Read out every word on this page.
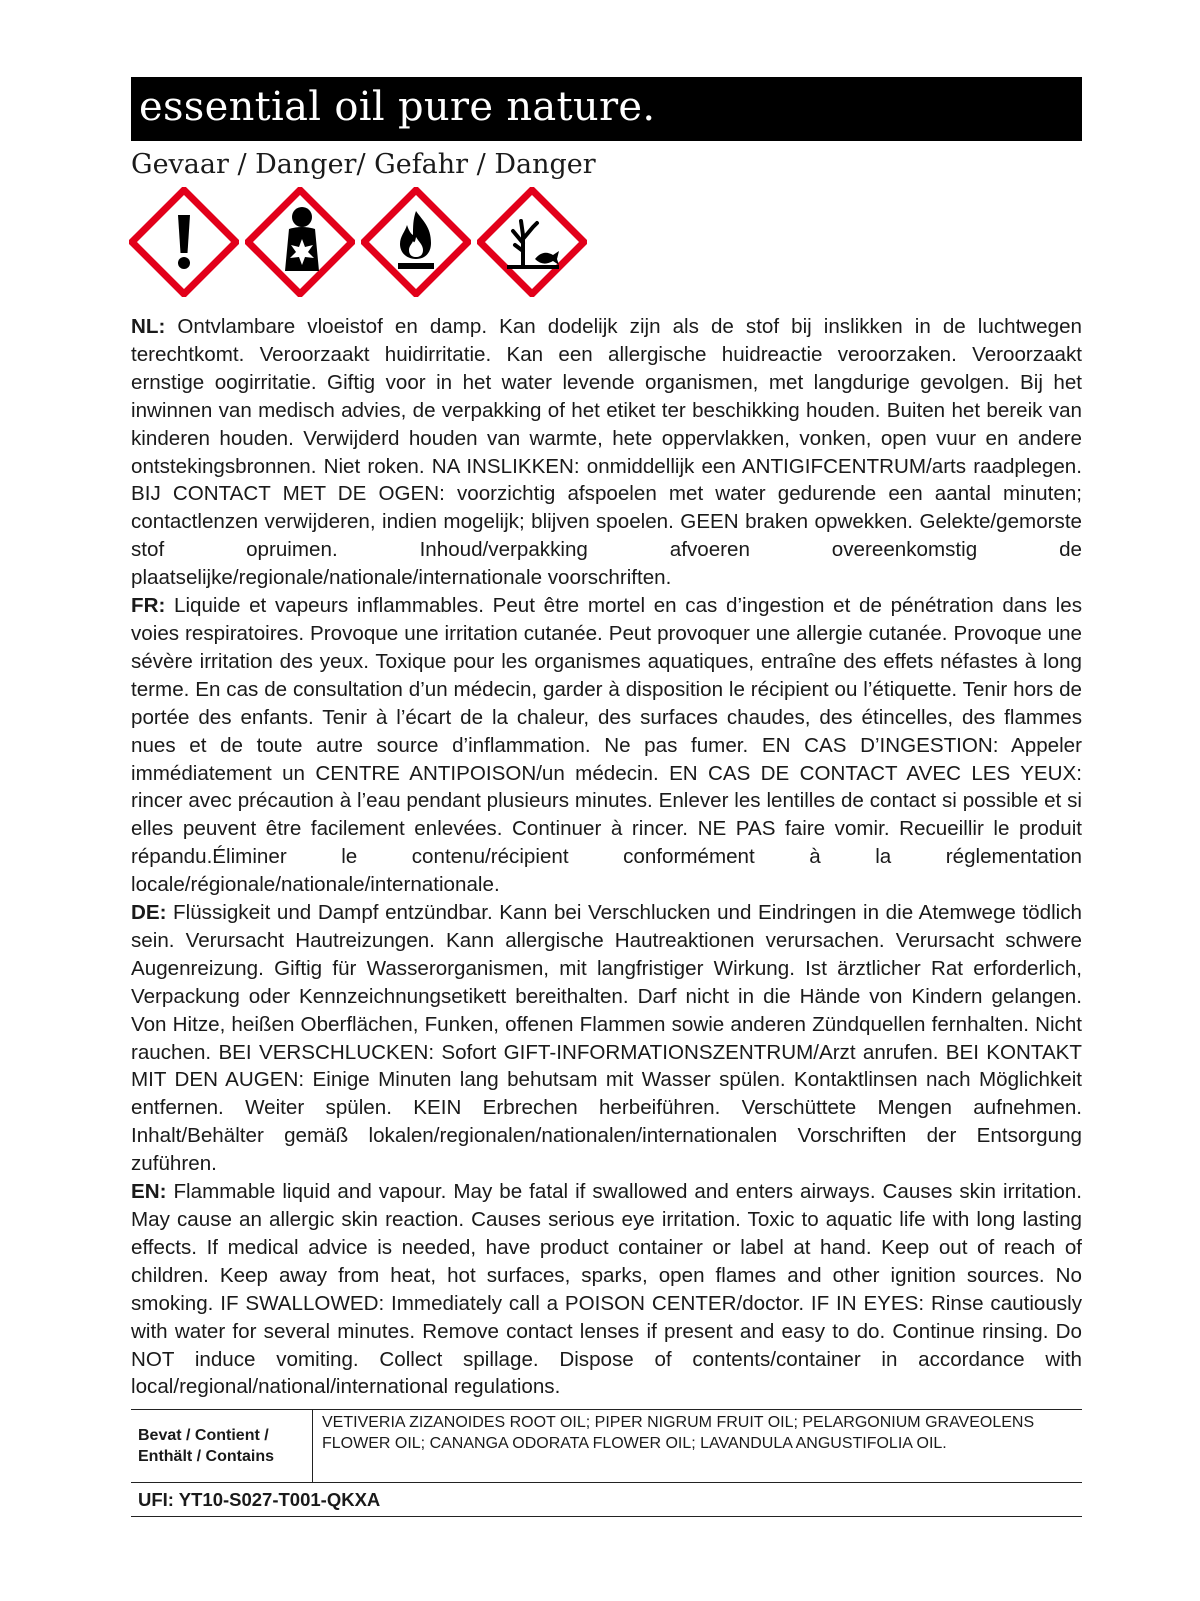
essential oil pure nature.
Gevaar / Danger/ Gefahr / Danger

NL: Ontvlambare vloeistof en damp. Kan dodelijk zijn als de stof bij inslikken in de luchtwegen terechtkomt. Veroorzaakt huidirritatie. Kan een allergische huidreactie veroorzaken. Veroorzaakt ernstige oogirritatie. Giftig voor in het water levende organismen, met langdurige gevolgen. Bij het inwinnen van medisch advies, de verpakking of het etiket ter beschikking houden. Buiten het bereik van kinderen houden. Verwijderd houden van warmte, hete oppervlakken, vonken, open vuur en andere ontstekingsbronnen. Niet roken. NA INSLIKKEN: onmiddellijk een ANTIGIFCENTRUM/arts raadplegen. BIJ CONTACT MET DE OGEN: voorzichtig afspoelen met water gedurende een aantal minuten; contactlenzen verwijderen, indien mogelijk; blijven spoelen. GEEN braken opwekken. Gelekte/gemorste stof opruimen. Inhoud/verpakking afvoeren overeenkomstig de plaatselijke/regionale/nationale/internationale voorschriften.

FR: Liquide et vapeurs inflammables. Peut être mortel en cas d’ingestion et de pénétration dans les voies respiratoires. Provoque une irritation cutanée. Peut provoquer une allergie cutanée. Provoque une sévère irritation des yeux. Toxique pour les organismes aquatiques, entraîne des effets néfastes à long terme. En cas de consultation d’un médecin, garder à disposition le récipient ou l’étiquette. Tenir hors de portée des enfants. Tenir à l’écart de la chaleur, des surfaces chaudes, des étincelles, des flammes nues et de toute autre source d’inflammation. Ne pas fumer. EN CAS D’INGESTION: Appeler immédiatement un CENTRE ANTIPOISON/un médecin. EN CAS DE CONTACT AVEC LES YEUX: rincer avec précaution à l’eau pendant plusieurs minutes. Enlever les lentilles de contact si possible et si elles peuvent être facilement enlevées. Continuer à rincer. NE PAS faire vomir. Recueillir le produit répandu.Éliminer le contenu/récipient conformément à la réglementation locale/régionale/nationale/internationale.

DE: Flüssigkeit und Dampf entzündbar. Kann bei Verschlucken und Eindringen in die Atemwege tödlich sein. Verursacht Hautreizungen. Kann allergische Hautreaktionen verursachen. Verursacht schwere Augenreizung. Giftig für Wasserorganismen, mit langfristiger Wirkung. Ist ärztlicher Rat erforderlich, Verpackung oder Kennzeichnungsetikett bereithalten. Darf nicht in die Hände von Kindern gelangen. Von Hitze, heißen Oberflächen, Funken, offenen Flammen sowie anderen Zündquellen fernhalten. Nicht rauchen. BEI VERSCHLUCKEN: Sofort GIFT-INFORMATIONSZENTRUM/Arzt anrufen. BEI KONTAKT MIT DEN AUGEN: Einige Minuten lang behutsam mit Wasser spülen. Kontaktlinsen nach Möglichkeit entfernen. Weiter spülen. KEIN Erbrechen herbeiführen. Verschüttete Mengen aufnehmen. Inhalt/Behälter gemäß lokalen/regionalen/nationalen/internationalen Vorschriften der Entsorgung zuführen.

EN: Flammable liquid and vapour. May be fatal if swallowed and enters airways. Causes skin irritation. May cause an allergic skin reaction. Causes serious eye irritation. Toxic to aquatic life with long lasting effects. If medical advice is needed, have product container or label at hand. Keep out of reach of children. Keep away from heat, hot surfaces, sparks, open flames and other ignition sources. No smoking. IF SWALLOWED: Immediately call a POISON CENTER/doctor. IF IN EYES: Rinse cautiously with water for several minutes. Remove contact lenses if present and easy to do. Continue rinsing. Do NOT induce vomiting. Collect spillage. Dispose of contents/container in accordance with local/regional/national/international regulations.

Bevat / Contient /
Enthält / Contains
VETIVERIA ZIZANOIDES ROOT OIL; PIPER NIGRUM FRUIT OIL; PELARGONIUM GRAVEOLENS FLOWER OIL; CANANGA ODORATA FLOWER OIL; LAVANDULA ANGUSTIFOLIA OIL.
UFI: YT10-S027-T001-QKXA
